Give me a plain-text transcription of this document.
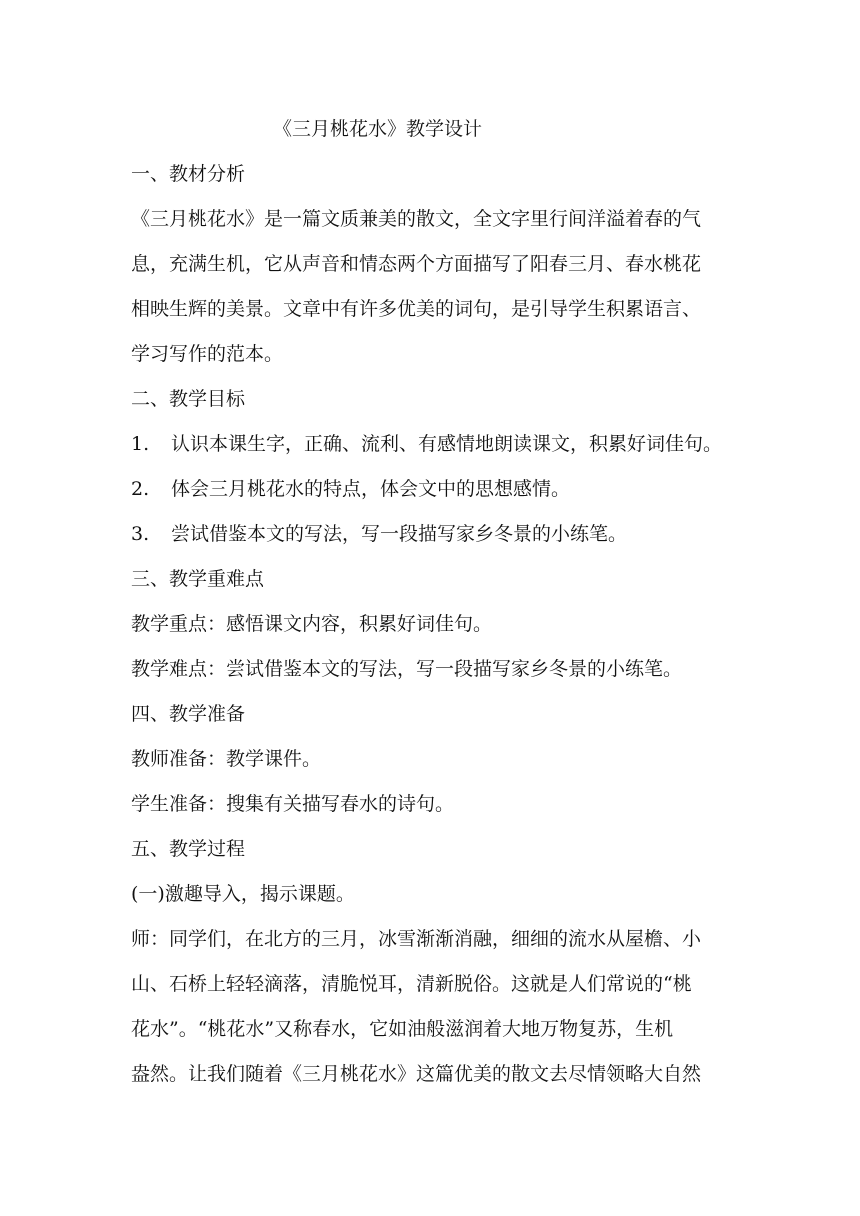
《三月桃花水》教学设计
一、教材分析
《三月桃花水》是一篇文质兼美的散文，全文字里行间洋溢着春的气
息，充满生机，它从声音和情态两个方面描写了阳春三月、春水桃花
相映生辉的美景。文章中有许多优美的词句，是引导学生积累语言、
学习写作的范本。
二、教学目标
1. 认识本课生字，正确、流利、有感情地朗读课文，积累好词佳句。
2. 体会三月桃花水的特点，体会文中的思想感情。
3. 尝试借鉴本文的写法，写一段描写家乡冬景的小练笔。
三、教学重难点
教学重点：感悟课文内容，积累好词佳句。
教学难点：尝试借鉴本文的写法，写一段描写家乡冬景的小练笔。
四、教学准备
教师准备：教学课件。
学生准备：搜集有关描写春水的诗句。
五、教学过程
(一)激趣导入，揭示课题。
师：同学们，在北方的三月，冰雪渐渐消融，细细的流水从屋檐、小
山、石桥上轻轻滴落，清脆悦耳，清新脱俗。这就是人们常说的“桃
花水”。“桃花水”又称春水，它如油般滋润着大地万物复苏，生机
盎然。让我们随着《三月桃花水》这篇优美的散文去尽情领略大自然
